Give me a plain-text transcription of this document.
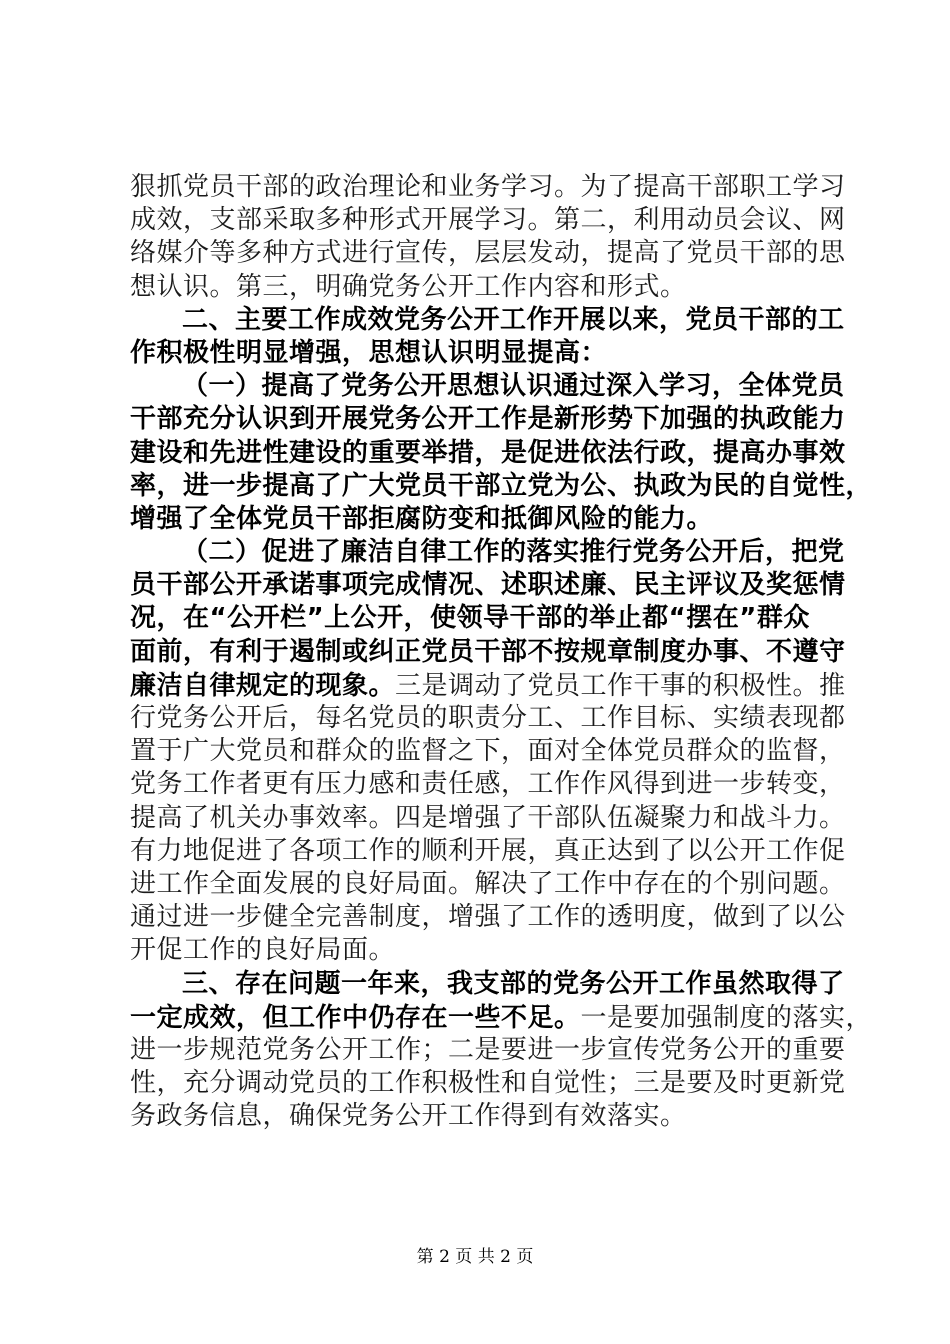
狠抓党员干部的政治理论和业务学习。为了提高干部职工学习
成效，支部采取多种形式开展学习。第二，利用动员会议、网
络媒介等多种方式进行宣传，层层发动，提高了党员干部的思
想认识。第三，明确党务公开工作内容和形式。
二、主要工作成效党务公开工作开展以来，党员干部的工
作积极性明显增强，思想认识明显提高：
（一）提高了党务公开思想认识通过深入学习，全体党员
干部充分认识到开展党务公开工作是新形势下加强的执政能力
建设和先进性建设的重要举措，是促进依法行政，提高办事效
率，进一步提高了广大党员干部立党为公、执政为民的自觉性，
增强了全体党员干部拒腐防变和抵御风险的能力。
（二）促进了廉洁自律工作的落实推行党务公开后，把党
员干部公开承诺事项完成情况、述职述廉、民主评议及奖惩情
况，在“公开栏”上公开，使领导干部的举止都“摆在”群众
面前，有利于遏制或纠正党员干部不按规章制度办事、不遵守
廉洁自律规定的现象。三是调动了党员工作干事的积极性。推
行党务公开后，每名党员的职责分工、工作目标、实绩表现都
置于广大党员和群众的监督之下，面对全体党员群众的监督，
党务工作者更有压力感和责任感，工作作风得到进一步转变，
提高了机关办事效率。四是增强了干部队伍凝聚力和战斗力。
有力地促进了各项工作的顺利开展，真正达到了以公开工作促
进工作全面发展的良好局面。解决了工作中存在的个别问题。
通过进一步健全完善制度，增强了工作的透明度，做到了以公
开促工作的良好局面。
三、存在问题一年来，我支部的党务公开工作虽然取得了
一定成效，但工作中仍存在一些不足。一是要加强制度的落实，
进一步规范党务公开工作；二是要进一步宣传党务公开的重要
性，充分调动党员的工作积极性和自觉性；三是要及时更新党
务政务信息，确保党务公开工作得到有效落实。
第 2 页 共 2 页
